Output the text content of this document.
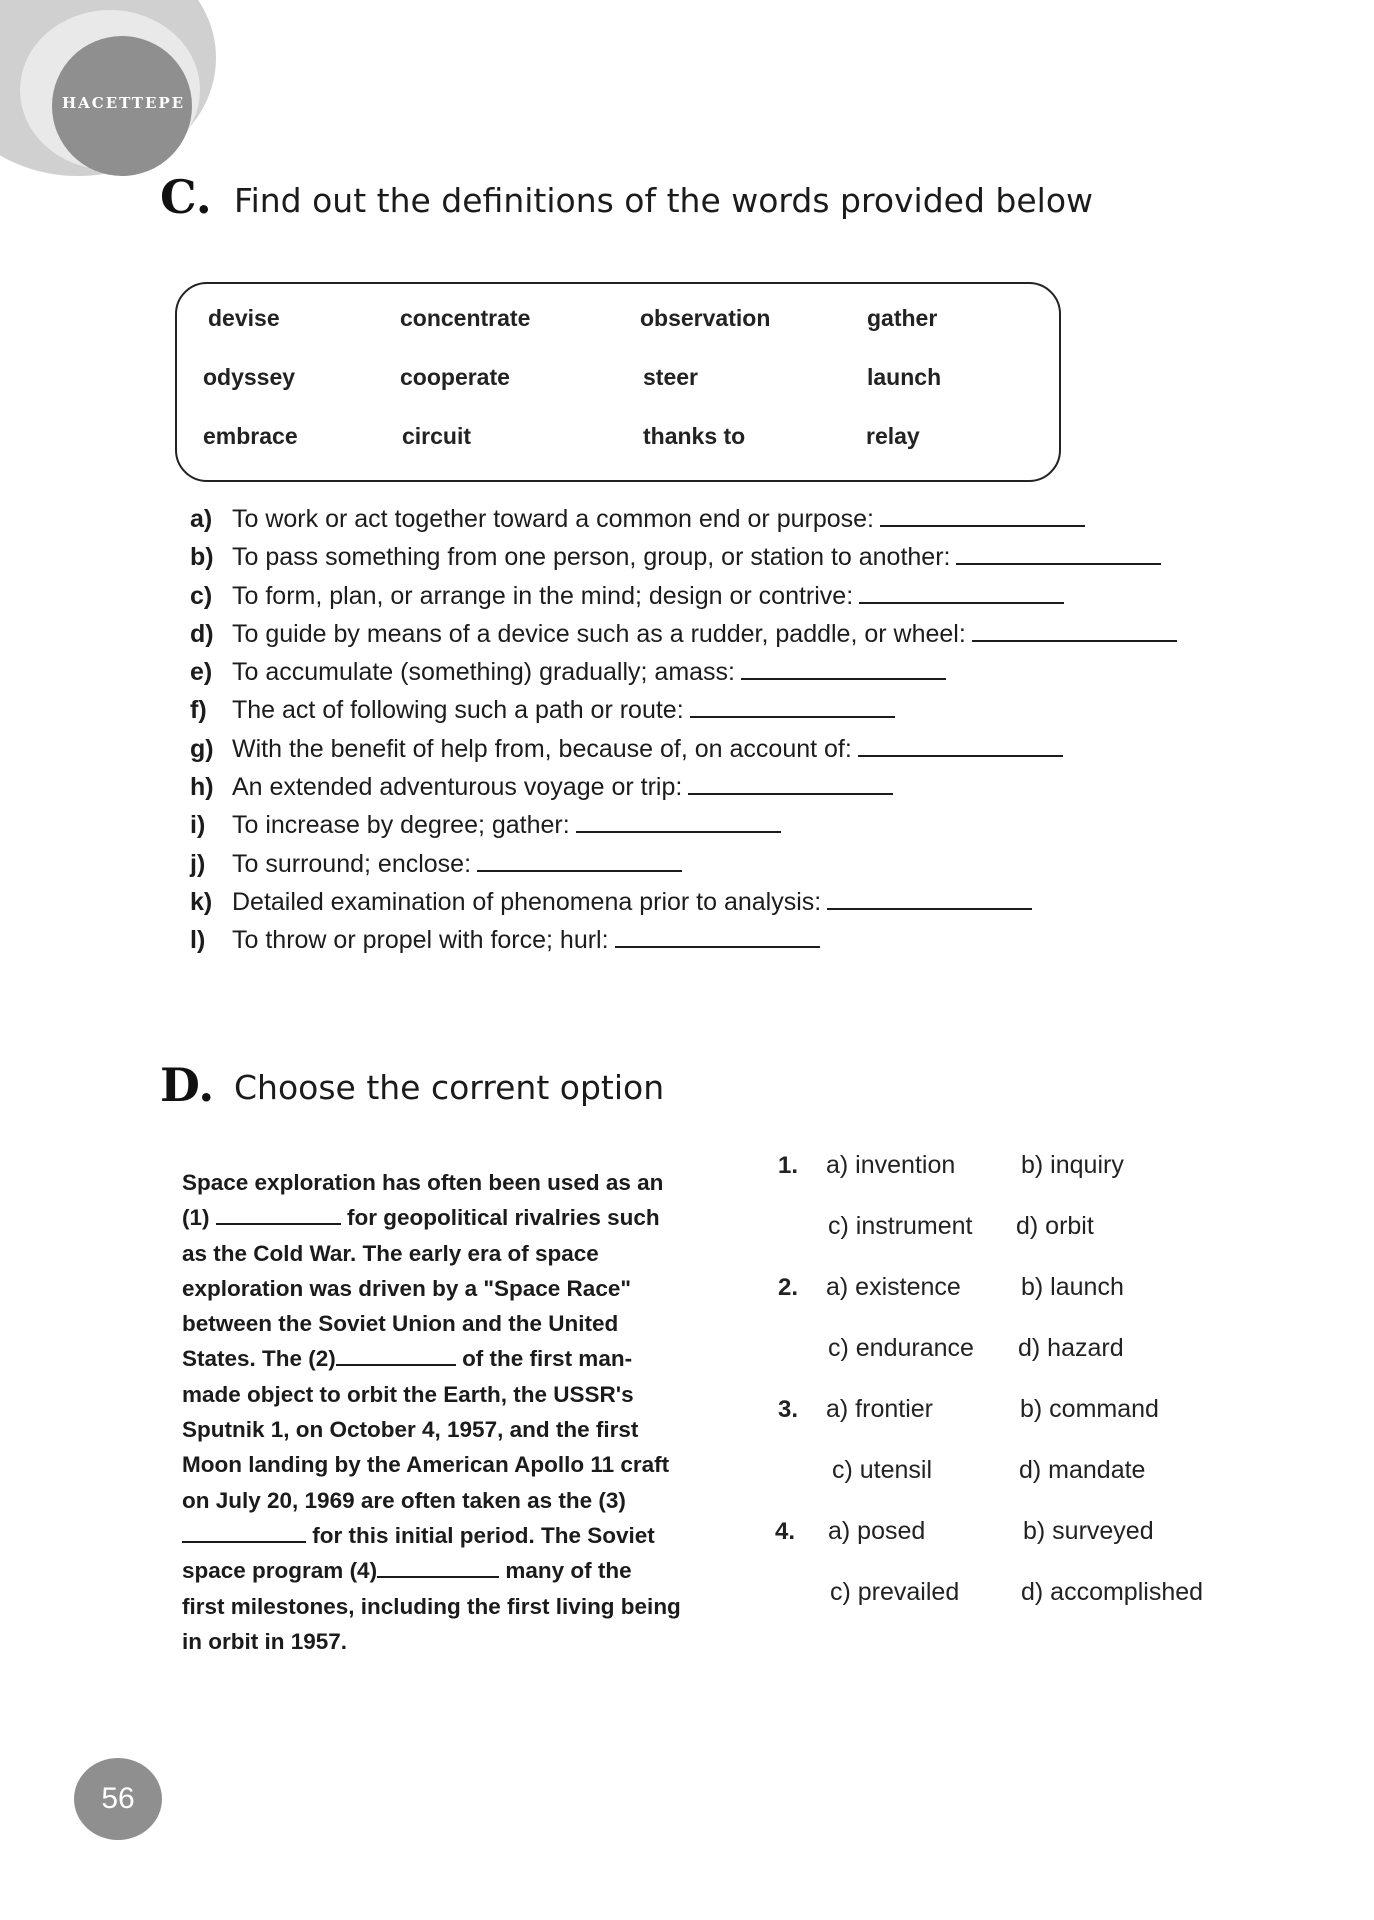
HACETTEPE
C. Find out the definitions of the words provided below
devise	concentrate	observation	gather
odyssey	cooperate	steer	launch
embrace	circuit	thanks to	relay
a) To work or act together toward a common end or purpose:
b) To pass something from one person, group, or station to another:
c) To form, plan, or arrange in the mind; design or contrive:
d) To guide by means of a device such as a rudder, paddle, or wheel:
e) To accumulate (something) gradually; amass:
f) The act of following such a path or route:
g) With the benefit of help from, because of, on account of:
h) An extended adventurous voyage or trip:
i) To increase by degree; gather:
j) To surround; enclose:
k) Detailed examination of phenomena prior to analysis:
l) To throw or propel with force; hurl:
D. Choose the corrent option
Space exploration has often been used as an
(1)	for geopolitical rivalries such
as the Cold War. The early era of space
exploration was driven by a "Space Race"
between the Soviet Union and the United
States. The (2)	of the first man-
made object to orbit the Earth, the USSR's
Sputnik 1, on October 4, 1957, and the first
Moon landing by the American Apollo 11 craft
on July 20, 1969 are often taken as the (3)
for this initial period. The Soviet
space program (4)	many of the
first milestones, including the first living being
in orbit in 1957.
1. a) invention	b) inquiry
c) instrument d) orbit
2. a) existence b) launch
c) endurance d) hazard
3. a) frontier	b) command
c) utensil	d) mandate
4. a) posed	b) surveyed
c) prevailed d) accomplished
56
